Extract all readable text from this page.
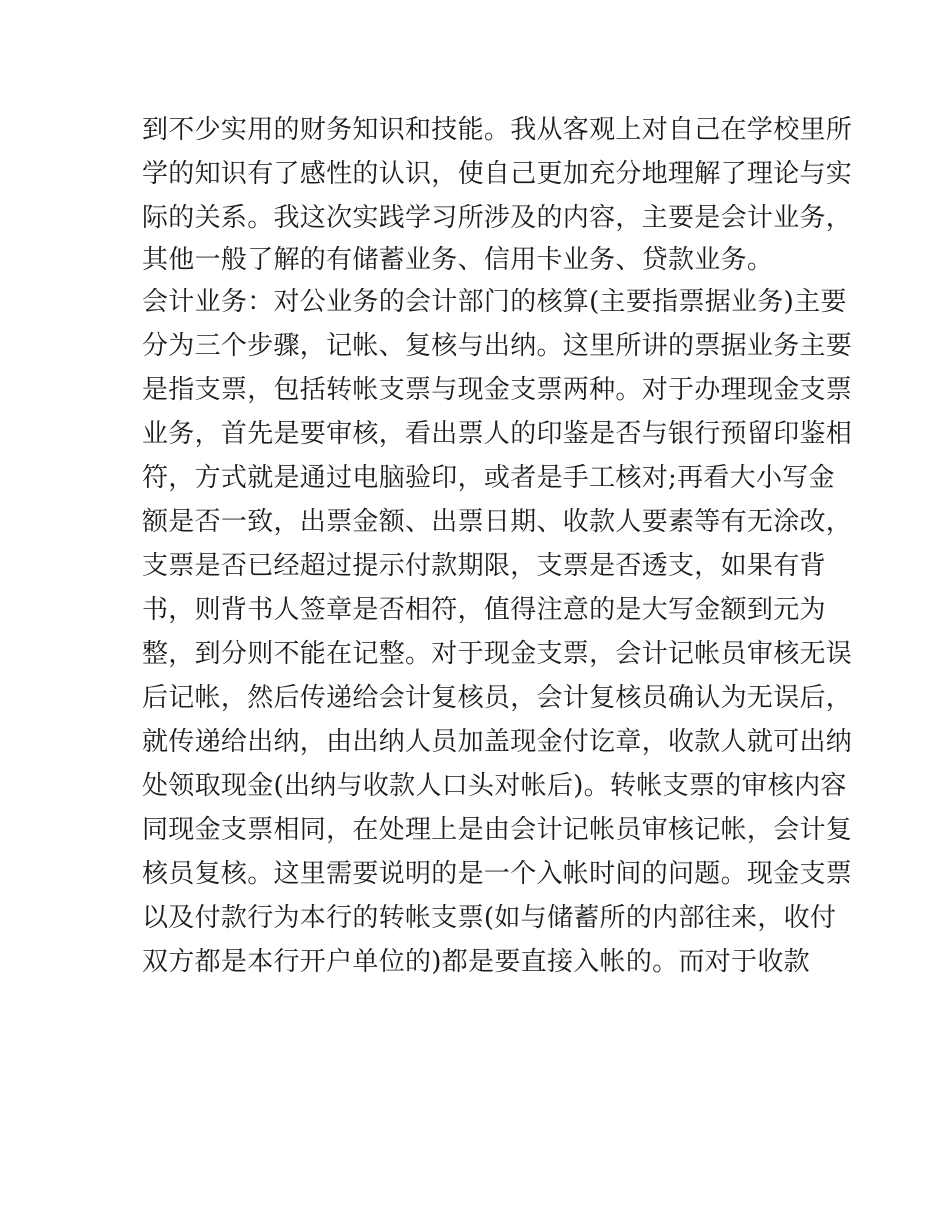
到不少实用的财务知识和技能。我从客观上对自己在学校里所
学的知识有了感性的认识，使自己更加充分地理解了理论与实
际的关系。我这次实践学习所涉及的内容，主要是会计业务，
其他一般了解的有储蓄业务、信用卡业务、贷款业务。
会计业务：对公业务的会计部门的核算(主要指票据业务)主要
分为三个步骤，记帐、复核与出纳。这里所讲的票据业务主要
是指支票，包括转帐支票与现金支票两种。对于办理现金支票
业务，首先是要审核，看出票人的印鉴是否与银行预留印鉴相
符，方式就是通过电脑验印，或者是手工核对;再看大小写金
额是否一致，出票金额、出票日期、收款人要素等有无涂改，
支票是否已经超过提示付款期限，支票是否透支，如果有背
书，则背书人签章是否相符，值得注意的是大写金额到元为
整，到分则不能在记整。对于现金支票，会计记帐员审核无误
后记帐，然后传递给会计复核员，会计复核员确认为无误后，
就传递给出纳，由出纳人员加盖现金付讫章，收款人就可出纳
处领取现金(出纳与收款人口头对帐后)。转帐支票的审核内容
同现金支票相同，在处理上是由会计记帐员审核记帐，会计复
核员复核。这里需要说明的是一个入帐时间的问题。现金支票
以及付款行为本行的转帐支票(如与储蓄所的内部往来，收付
双方都是本行开户单位的)都是要直接入帐的。而对于收款
